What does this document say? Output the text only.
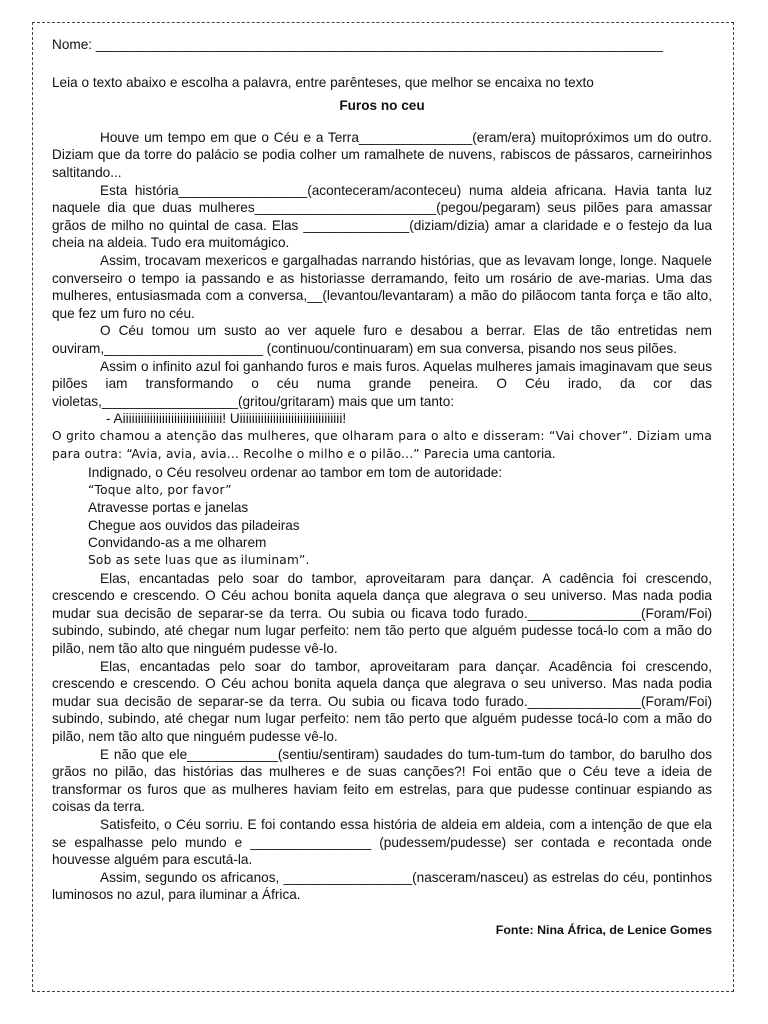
Nome: ___________________________________________________________________________

Leia o texto abaixo e escolha a palavra, entre parênteses, que melhor se encaixa no texto

Furos no ceu

Houve um tempo em que o Céu e a Terra_______________(eram/era) muitopróximos um do outro. Diziam que da torre do palácio se podia colher um ramalhete de nuvens, rabiscos de pássaros, carneirinhos saltitando...

Esta história_________________(aconteceram/aconteceu) numa aldeia africana. Havia tanta luz naquele dia que duas mulheres________________________(pegou/pegaram) seus pilões para amassar grãos de milho no quintal de casa. Elas ______________(diziam/dizia) amar a claridade e o festejo da lua cheia na aldeia. Tudo era muitomágico.

Assim, trocavam mexericos e gargalhadas narrando histórias, que as levavam longe, longe. Naquele converseiro o tempo ia passando e as historiasse derramando, feito um rosário de ave-marias. Uma das mulheres, entusiasmada com a conversa,__(levantou/levantaram) a mão do pilãocom tanta força e tão alto, que fez um furo no céu.

O Céu tomou um susto ao ver aquele furo e desabou a berrar. Elas de tão entretidas nem ouviram,_____________________ (continuou/continuaram) em sua conversa, pisando nos seus pilões.

Assim o infinito azul foi ganhando furos e mais furos. Aquelas mulheres jamais imaginavam que seus pilões iam transformando o céu numa grande peneira. O Céu irado, da cor das violetas,__________________(gritou/gritaram) mais que um tanto:

- Aiiiiiiiiiiiiiiiiiiiiiiiiiiiiiiiii! Uiiiiiiiiiiiiiiiiiiiiiiiiiiiiiiiiii!

O grito chamou a atenção das mulheres, que olharam para o alto e disseram: “Vai chover”. Diziam uma para outra: “Avia, avia, avia... Recolhe o milho e o pilão...” Parecia uma cantoria.

Indignado, o Céu resolveu ordenar ao tambor em tom de autoridade:

“Toque alto, por favor”

Atravesse portas e janelas

Chegue aos ouvidos das piladeiras

Convidando-as a me olharem

Sob as sete luas que as iluminam”.

Elas, encantadas pelo soar do tambor, aproveitaram para dançar. A cadência foi crescendo, crescendo e crescendo. O Céu achou bonita aquela dança que alegrava o seu universo. Mas nada podia mudar sua decisão de separar-se da terra. Ou subia ou ficava todo furado._______________(Foram/Foi) subindo, subindo, até chegar num lugar perfeito: nem tão perto que alguém pudesse tocá-lo com a mão do pilão, nem tão alto que ninguém pudesse vê-lo.

Elas, encantadas pelo soar do tambor, aproveitaram para dançar. Acadência foi crescendo, crescendo e crescendo. O Céu achou bonita aquela dança que alegrava o seu universo. Mas nada podia mudar sua decisão de separar-se da terra. Ou subia ou ficava todo furado._______________(Foram/Foi) subindo, subindo, até chegar num lugar perfeito: nem tão perto que alguém pudesse tocá-lo com a mão do pilão, nem tão alto que ninguém pudesse vê-lo.

E não que ele____________(sentiu/sentiram) saudades do tum-tum-tum do tambor, do barulho dos grãos no pilão, das histórias das mulheres e de suas canções?! Foi então que o Céu teve a ideia de transformar os furos que as mulheres haviam feito em estrelas, para que pudesse continuar espiando as coisas da terra.

Satisfeito, o Céu sorriu. E foi contando essa história de aldeia em aldeia, com a intenção de que ela se espalhasse pelo mundo e ________________ (pudessem/pudesse) ser contada e recontada onde houvesse alguém para escutá-la.

Assim, segundo os africanos, _________________(nasceram/nasceu) as estrelas do céu, pontinhos luminosos no azul, para iluminar a África.

Fonte: Nina África, de Lenice Gomes
